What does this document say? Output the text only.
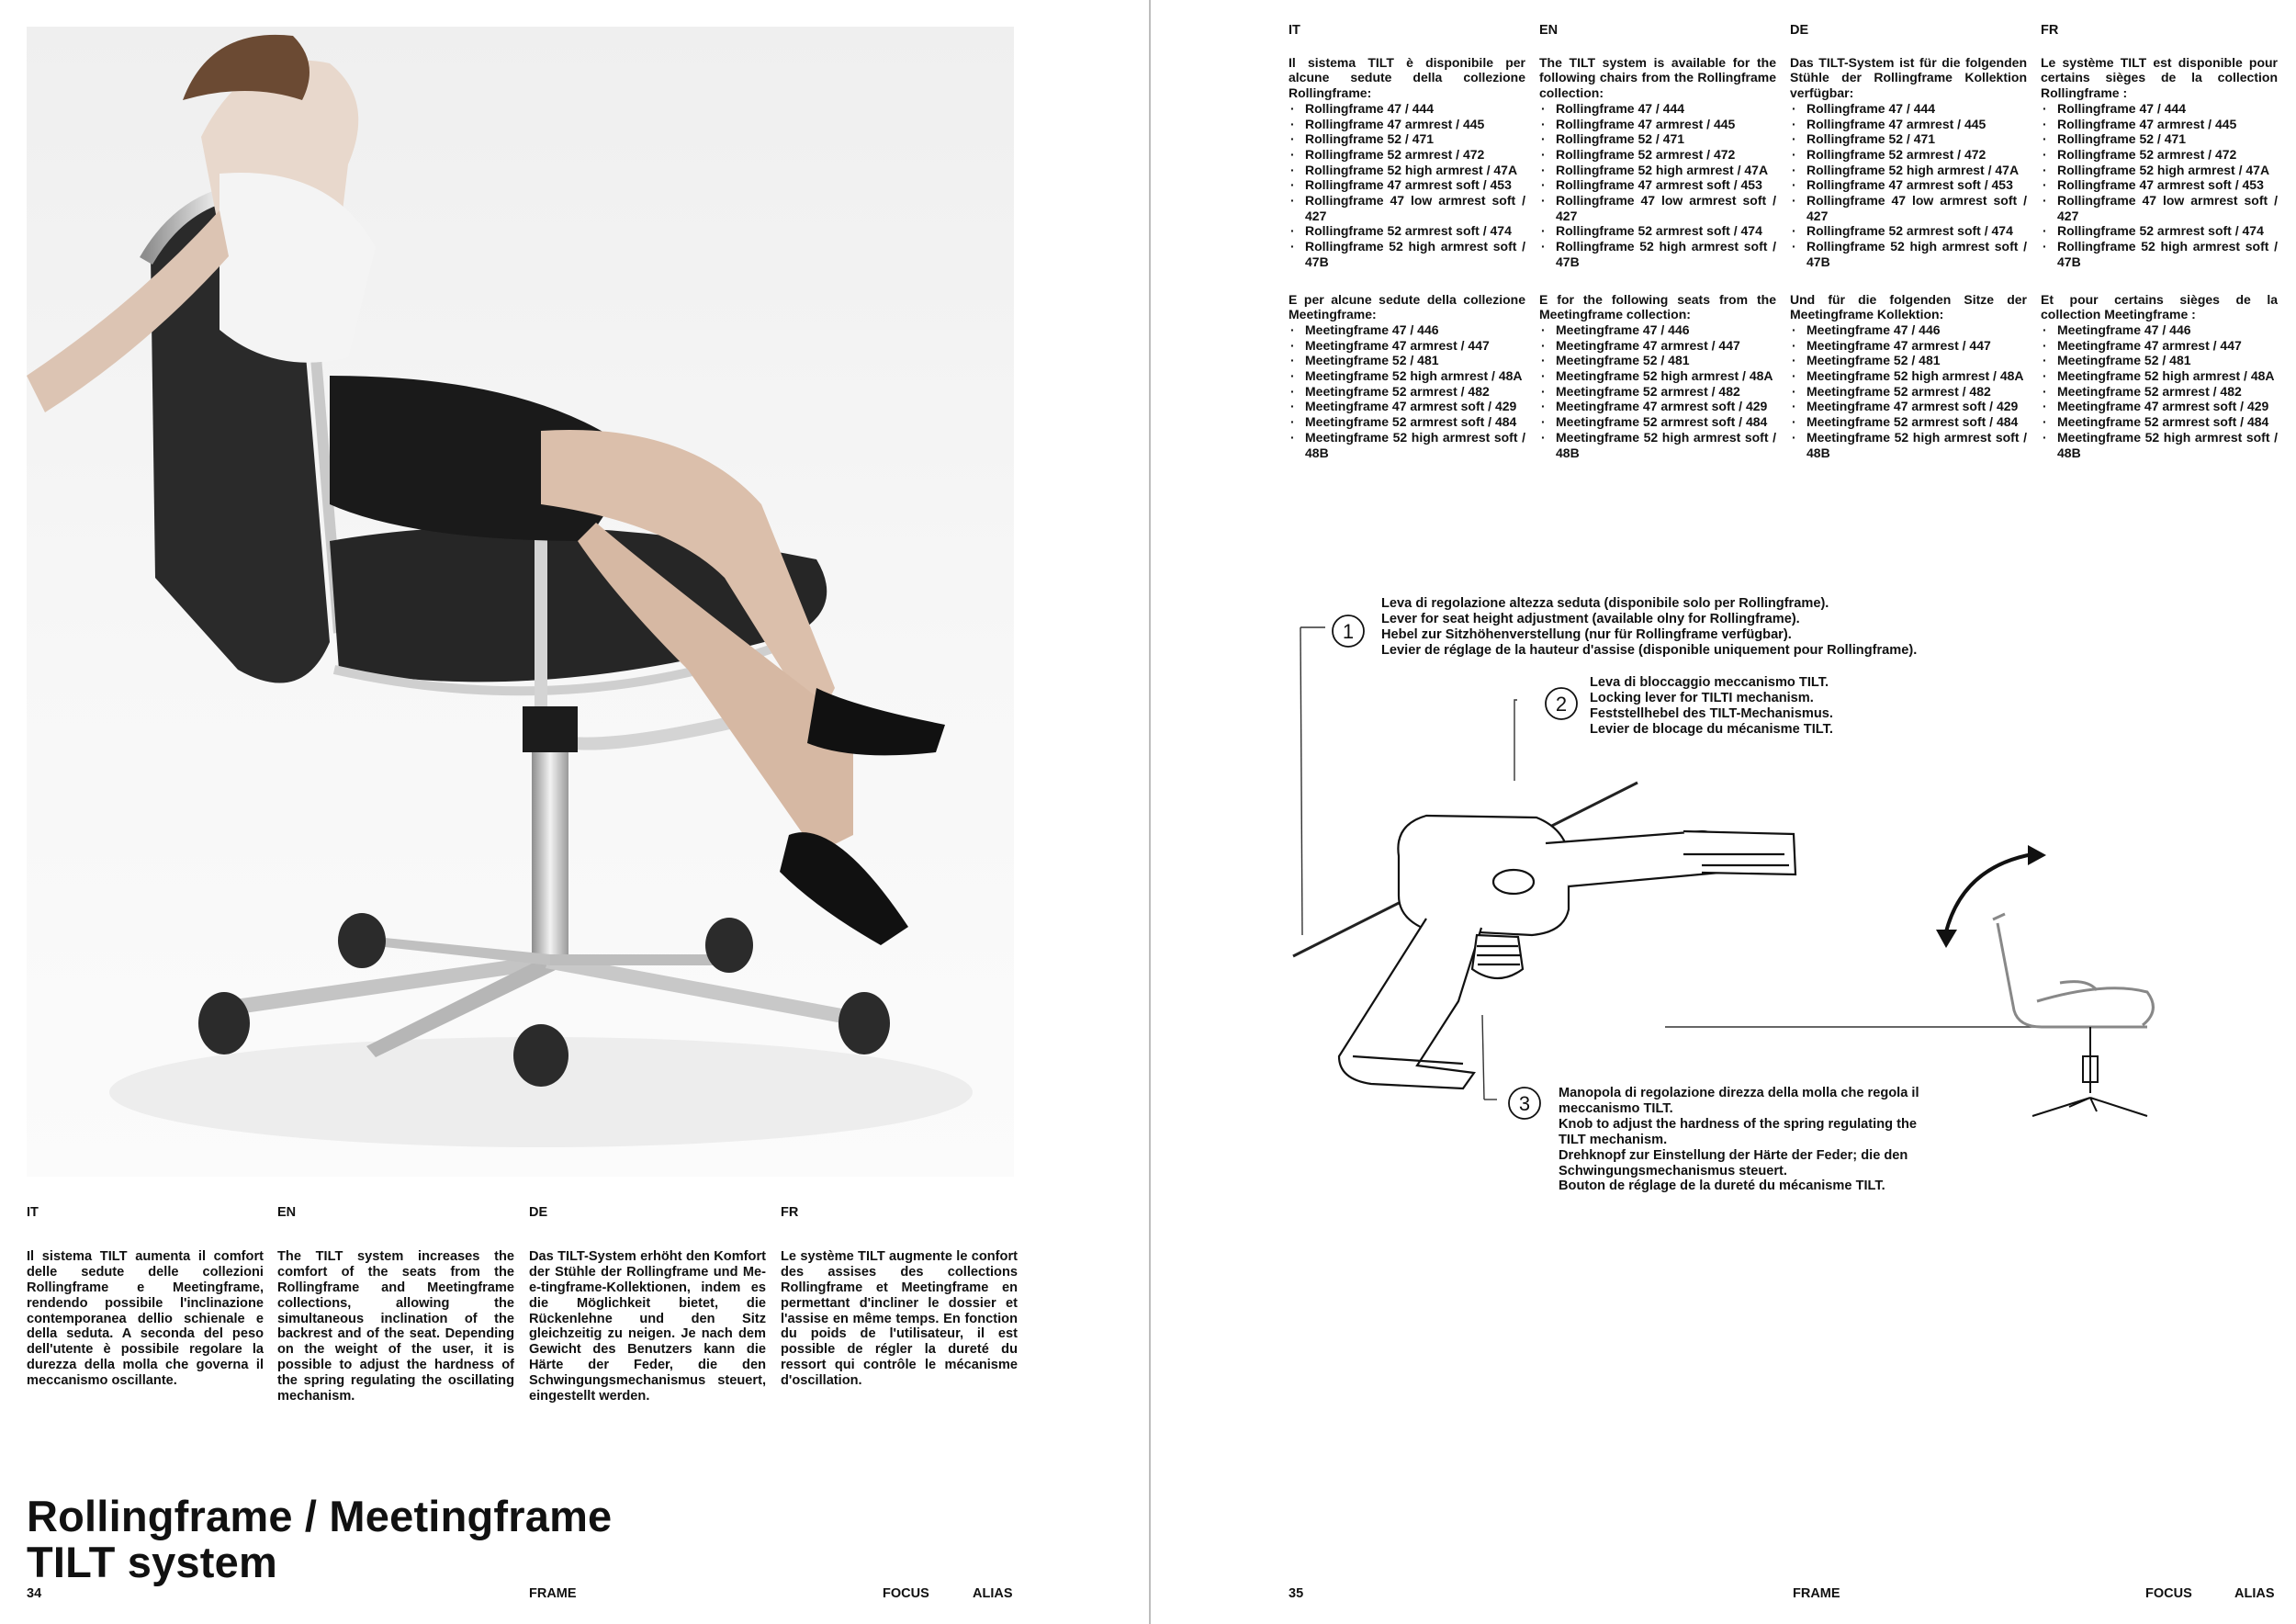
IT

Il sistema TILT aumenta il comfort delle sedute delle collezioni Rollingframe e Meetingframe, rendendo possibile l'inclinazione contemporanea dellio schienale e della seduta. A seconda del peso dell'utente è possibile regolare la durezza della molla che governa il meccanismo oscillante.

EN

The TILT system increases the comfort of the seats from the Rollingframe and Meetingframe collections, allowing the simultaneous inclination of the backrest and of the seat. Depending on the weight of the user, it is possible to adjust the hardness of the spring regulating the oscillating mechanism.

DE

Das TILT-System erhöht den Komfort der Stühle der Rollingframe und Me-e-tingframe-Kollektionen, indem es die Möglichkeit bietet, die Rückenlehne und den Sitz gleichzeitig zu neigen. Je nach dem Gewicht des Benutzers kann die Härte der Feder, die den Schwingungsmechanismus steuert, eingestellt werden.

FR

Le système TILT augmente le confort des assises des collections Rollingframe et Meetingframe en permettant d'incliner le dossier et l'assise en même temps. En fonction du poids de l'utilisateur, il est possible de régler la dureté du ressort qui contrôle le mécanisme d'oscillation.

Rollingframe / Meetingframe
TILT system
34	FRAME	FOCUS	ALIAS
IT

Il sistema TILT è disponibile per alcune sedute della collezione Rollingframe:

· Rollingframe 47 / 444
· Rollingframe 47 armrest / 445
· Rollingframe 52 / 471
· Rollingframe 52 armrest / 472
· Rollingframe 52 high armrest / 47A
· Rollingframe 47 armrest soft / 453
· Rollingframe 47 low armrest soft / 427
· Rollingframe 52 armrest soft / 474
· Rollingframe 52 high armrest soft / 47B

E per alcune sedute della collezione Meetingframe:

· Meetingframe 47 / 446
· Meetingframe 47 armrest / 447
· Meetingframe 52 / 481
· Meetingframe 52 high armrest / 48A
· Meetingframe 52 armrest / 482
· Meetingframe 47 armrest soft / 429
· Meetingframe 52 armrest soft / 484
· Meetingframe 52 high armrest soft / 48B
EN

The TILT system is available for the following chairs from the Rollingframe collection:

· Rollingframe 47 / 444
· Rollingframe 47 armrest / 445
· Rollingframe 52 / 471
· Rollingframe 52 armrest / 472
· Rollingframe 52 high armrest / 47A
· Rollingframe 47 armrest soft / 453
· Rollingframe 47 low armrest soft / 427
· Rollingframe 52 armrest soft / 474
· Rollingframe 52 high armrest soft / 47B

E for the following seats from the Meetingframe collection:

· Meetingframe 47 / 446
· Meetingframe 47 armrest / 447
· Meetingframe 52 / 481
· Meetingframe 52 high armrest / 48A
· Meetingframe 52 armrest / 482
· Meetingframe 47 armrest soft / 429
· Meetingframe 52 armrest soft / 484
· Meetingframe 52 high armrest soft / 48B
DE

Das TILT-System ist für die folgenden Stühle der Rollingframe Kollektion verfügbar:

· Rollingframe 47 / 444
· Rollingframe 47 armrest / 445
· Rollingframe 52 / 471
· Rollingframe 52 armrest / 472
· Rollingframe 52 high armrest / 47A
· Rollingframe 47 armrest soft / 453
· Rollingframe 47 low armrest soft / 427
· Rollingframe 52 armrest soft / 474
· Rollingframe 52 high armrest soft / 47B

Und für die folgenden Sitze der Meetingframe Kollektion:

· Meetingframe 47 / 446
· Meetingframe 47 armrest / 447
· Meetingframe 52 / 481
· Meetingframe 52 high armrest / 48A
· Meetingframe 52 armrest / 482
· Meetingframe 47 armrest soft / 429
· Meetingframe 52 armrest soft / 484
· Meetingframe 52 high armrest soft / 48B
FR

Le système TILT est disponible pour certains sièges de la collection Rollingframe :

· Rollingframe 47 / 444
· Rollingframe 47 armrest / 445
· Rollingframe 52 / 471
· Rollingframe 52 armrest / 472
· Rollingframe 52 high armrest / 47A
· Rollingframe 47 armrest soft / 453
· Rollingframe 47 low armrest soft / 427
· Rollingframe 52 armrest soft / 474
· Rollingframe 52 high armrest soft / 47B

Et pour certains sièges de la collection Meetingframe :

· Meetingframe 47 / 446
· Meetingframe 47 armrest / 447
· Meetingframe 52 / 481
· Meetingframe 52 high armrest / 48A
· Meetingframe 52 armrest / 482
· Meetingframe 47 armrest soft / 429
· Meetingframe 52 armrest soft / 484
· Meetingframe 52 high armrest soft / 48B
1
2
3
Leva di regolazione altezza seduta (disponibile solo per Rollingframe).
Lever for seat height adjustment (available olny for Rollingframe).
Hebel zur Sitzhöhenverstellung (nur für Rollingframe verfügbar).
Levier de réglage de la hauteur d'assise (disponible uniquement pour Rollingframe).
Leva di bloccaggio meccanismo TILT.
Locking lever for TILTI mechanism.
Feststellhebel des TILT-Mechanismus.
Levier de blocage du mécanisme TILT.
Manopola di regolazione direzza della molla che regola il
meccanismo TILT.
Knob to adjust the hardness of the spring regulating the
TILT mechanism.
Drehknopf zur Einstellung der Härte der Feder; die den
Schwingungsmechanismus steuert.
Bouton de réglage de la dureté du mécanisme TILT.
35	FRAME	FOCUS	ALIAS
